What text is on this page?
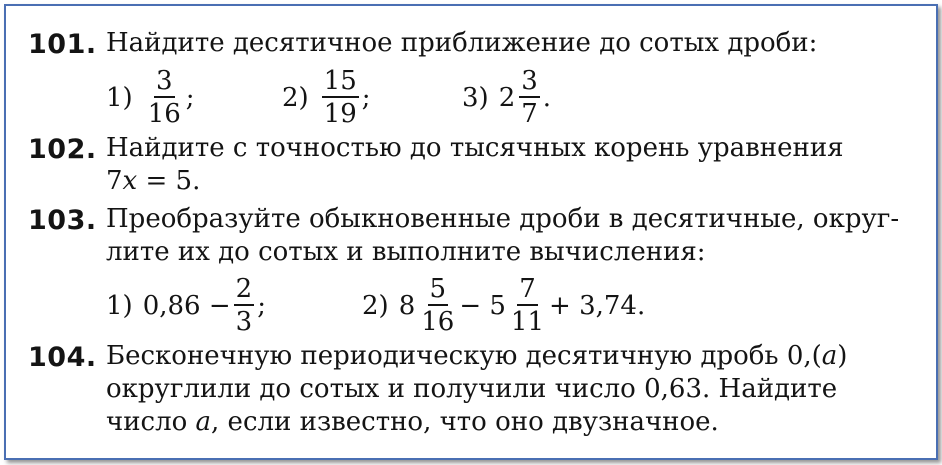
101. Найдите десятичное приближение до сотых дроби:
$1) \frac{3}{16}$ ;	$2) \frac{15}{19}$ ;	3) $2 \frac{3}{7}$ .
102. Найдите с точностью до тысячных корень уравнения
7x = 5.
103. Преобразуйте обыкновенные дроби в десятичные, округ-
лите их до сотых и выполните вычисления:
1) $0,86 - \frac{2}{3}$ ;	2) $8 \frac{5}{16} - 5 \frac{7}{11} + 3,74$.
104. Бесконечную периодическую десятичную дробь 0,(a)
округлили до сотых и получили число 0,63. Найдите
число a, если известно, что оно двузначное.
